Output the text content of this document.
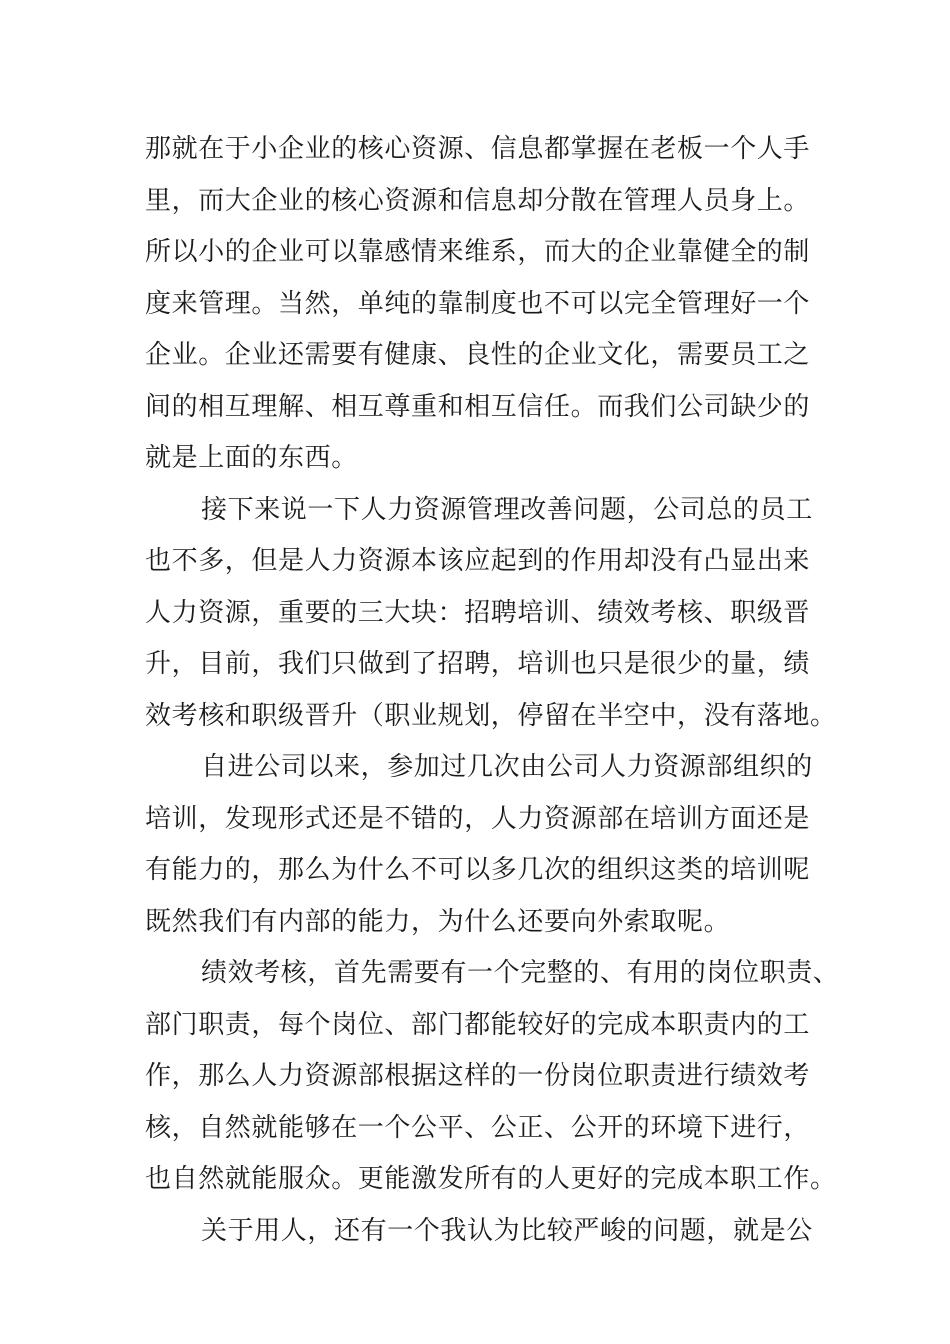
那就在于小企业的核心资源、信息都掌握在老板一个人手
里，而大企业的核心资源和信息却分散在管理人员身上。
所以小的企业可以靠感情来维系，而大的企业靠健全的制
度来管理。当然，单纯的靠制度也不可以完全管理好一个
企业。企业还需要有健康、良性的企业文化，需要员工之
间的相互理解、相互尊重和相互信任。而我们公司缺少的
就是上面的东西。
接下来说一下人力资源管理改善问题，公司总的员工
也不多，但是人力资源本该应起到的作用却没有凸显出来
人力资源，重要的三大块：招聘培训、绩效考核、职级晋
升，目前，我们只做到了招聘，培训也只是很少的量，绩
效考核和职级晋升（职业规划，停留在半空中，没有落地。
自进公司以来，参加过几次由公司人力资源部组织的
培训，发现形式还是不错的，人力资源部在培训方面还是
有能力的，那么为什么不可以多几次的组织这类的培训呢
既然我们有内部的能力，为什么还要向外索取呢。
绩效考核，首先需要有一个完整的、有用的岗位职责、
部门职责，每个岗位、部门都能较好的完成本职责内的工
作，那么人力资源部根据这样的一份岗位职责进行绩效考
核，自然就能够在一个公平、公正、公开的环境下进行，
也自然就能服众。更能激发所有的人更好的完成本职工作。
关于用人，还有一个我认为比较严峻的问题，就是公
